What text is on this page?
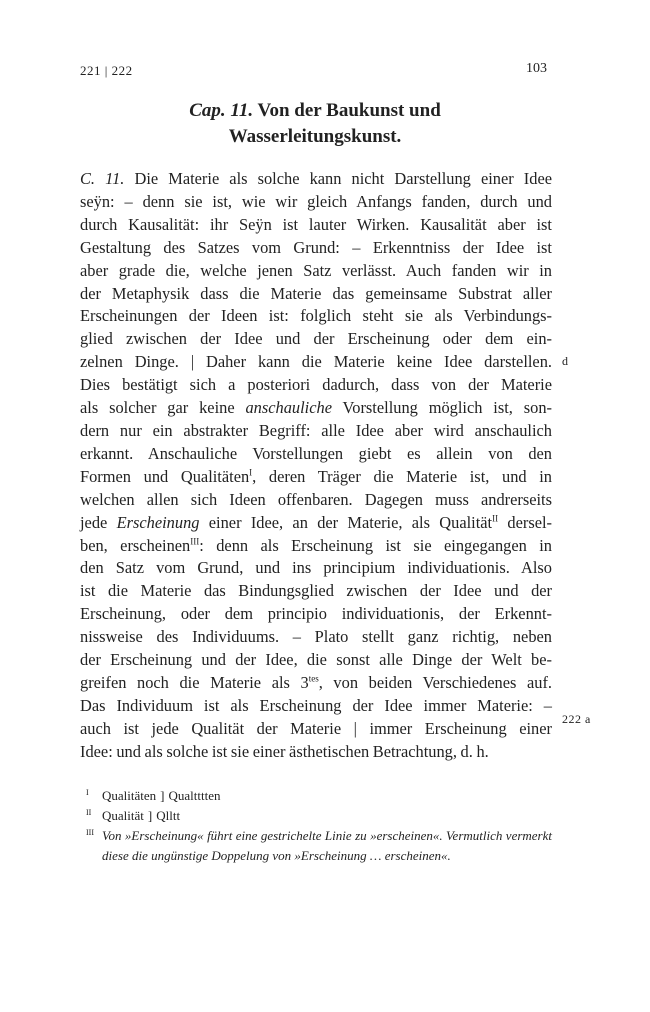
221 | 222	103
Cap. 11. Von der Baukunst und
Wasserleitungskunst.
C. 11. Die Materie als solche kann nicht Darstellung einer Idee
seÿn: – denn sie ist, wie wir gleich Anfangs fanden, durch und
durch Kausalität: ihr Seÿn ist lauter Wirken. Kausalität aber ist
Gestaltung des Satzes vom Grund: – Erkenntniss der Idee ist
aber grade die, welche jenen Satz verlässt. Auch fanden wir in
der Metaphysik dass die Materie das gemeinsame Substrat aller
Erscheinungen der Ideen ist: folglich steht sie als Verbindungs-
glied zwischen der Idee und der Erscheinung oder dem ein-
zelnen Dinge. | Daher kann die Materie keine Idee darstellen.
Dies bestätigt sich a posteriori dadurch, dass von der Materie
als solcher gar keine anschauliche Vorstellung möglich ist, son-
dern nur ein abstrakter Begriff: alle Idee aber wird anschaulich
erkannt. Anschauliche Vorstellungen giebt es allein von den
Formen und Qualitäten$^I$, deren Träger die Materie ist, und in
welchen allen sich Ideen offenbaren. Dagegen muss andrerseits
jede Erscheinung einer Idee, an der Materie, als Qualität$^{II}$ dersel-
ben, erscheinen$^{III}$: denn als Erscheinung ist sie eingegangen in
den Satz vom Grund, und ins principium individuationis. Also
ist die Materie das Bindungsglied zwischen der Idee und der
Erscheinung, oder dem principio individuationis, der Erkennt-
nissweise des Individuums. – Plato stellt ganz richtig, neben
der Erscheinung und der Idee, die sonst alle Dinge der Welt be-
greifen noch die Materie als $3^{tes}$, von beiden Verschiedenes auf.
Das Individuum ist als Erscheinung der Idee immer Materie: –
auch ist jede Qualität der Materie | immer Erscheinung einer
Idee: und als solche ist sie einer ästhetischen Betrachtung, d. h.
d
222 a
I Qualitäten ] Qualtttten
II Qualität ] Qlltt
III Von »Erscheinung« führt eine gestrichelte Linie zu »erscheinen«. Vermutlich vermerkt diese die ungünstige Doppelung von »Erscheinung … erscheinen«.
